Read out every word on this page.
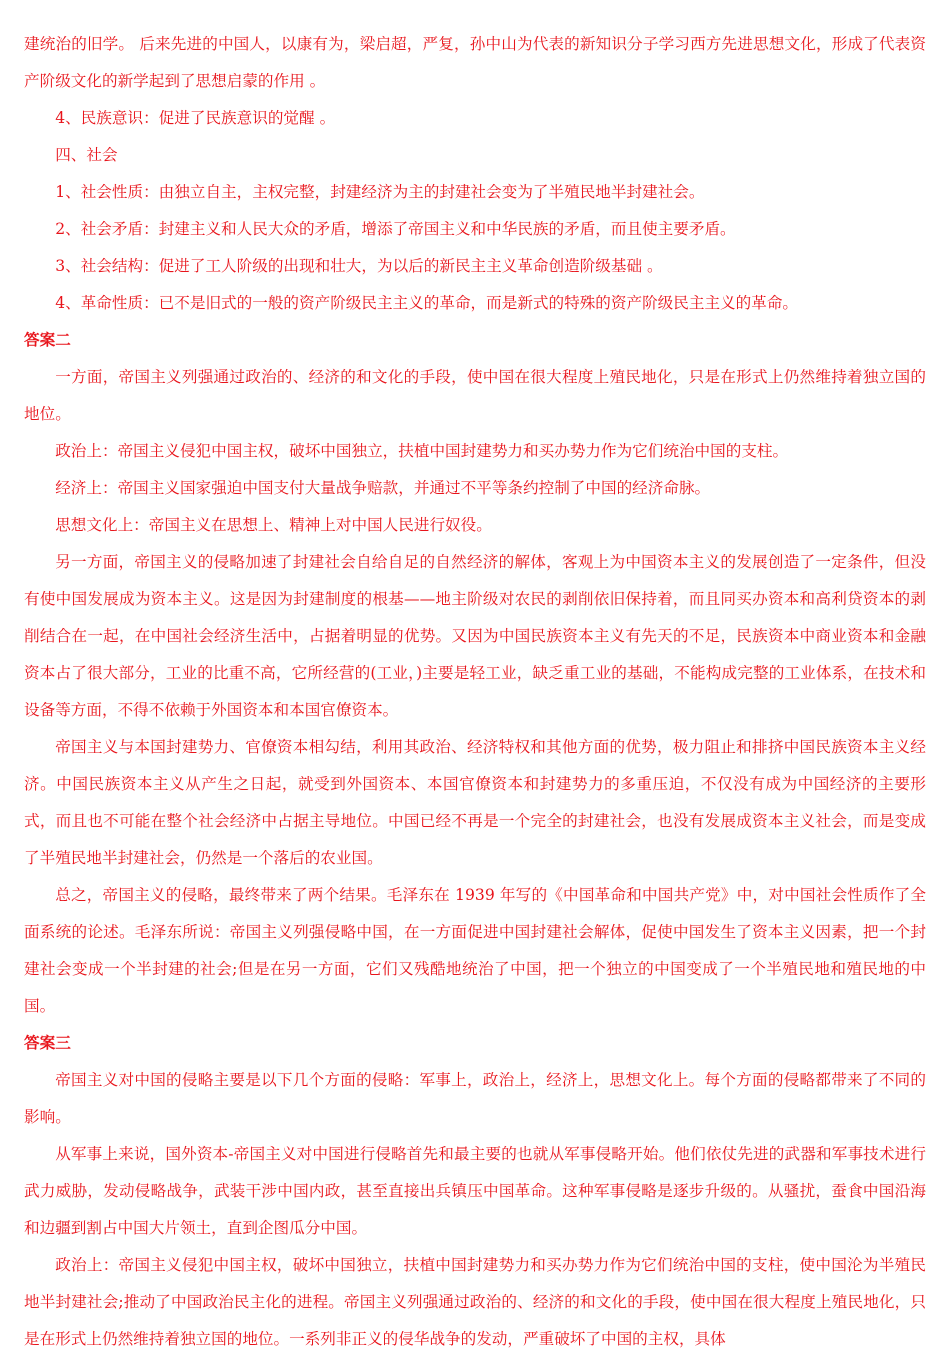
建统治的旧学。 后来先进的中国人，以康有为，梁启超，严复，孙中山为代表的新知识分子学习西方先进思想文化，形成了代表资产阶级文化的新学起到了思想启蒙的作用 。

4、民族意识：促进了民族意识的觉醒 。

四、社会

1、社会性质：由独立自主，主权完整，封建经济为主的封建社会变为了半殖民地半封建社会。

2、社会矛盾：封建主义和人民大众的矛盾，增添了帝国主义和中华民族的矛盾，而且使主要矛盾。

3、社会结构：促进了工人阶级的出现和壮大，为以后的新民主主义革命创造阶级基础 。

4、革命性质：已不是旧式的一般的资产阶级民主主义的革命，而是新式的特殊的资产阶级民主主义的革命。

答案二

一方面，帝国主义列强通过政治的、经济的和文化的手段，使中国在很大程度上殖民地化，只是在形式上仍然维持着独立国的地位。

政治上：帝国主义侵犯中国主权，破坏中国独立，扶植中国封建势力和买办势力作为它们统治中国的支柱。

经济上：帝国主义国家强迫中国支付大量战争赔款，并通过不平等条约控制了中国的经济命脉。

思想文化上：帝国主义在思想上、精神上对中国人民进行奴役。

另一方面，帝国主义的侵略加速了封建社会自给自足的自然经济的解体，客观上为中国资本主义的发展创造了一定条件，但没有使中国发展成为资本主义。这是因为封建制度的根基——地主阶级对农民的剥削依旧保持着，而且同买办资本和高利贷资本的剥削结合在一起，在中国社会经济生活中，占据着明显的优势。又因为中国民族资本主义有先天的不足，民族资本中商业资本和金融资本占了很大部分，工业的比重不高，它所经营的(工业，)主要是轻工业，缺乏重工业的基础，不能构成完整的工业体系，在技术和设备等方面，不得不依赖于外国资本和本国官僚资本。

帝国主义与本国封建势力、官僚资本相勾结，利用其政治、经济特权和其他方面的优势，极力阻止和排挤中国民族资本主义经济。中国民族资本主义从产生之日起，就受到外国资本、本国官僚资本和封建势力的多重压迫，不仅没有成为中国经济的主要形式，而且也不可能在整个社会经济中占据主导地位。中国已经不再是一个完全的封建社会，也没有发展成资本主义社会，而是变成了半殖民地半封建社会，仍然是一个落后的农业国。

总之，帝国主义的侵略，最终带来了两个结果。毛泽东在 1939 年写的《中国革命和中国共产党》中，对中国社会性质作了全面系统的论述。毛泽东所说：帝国主义列强侵略中国，在一方面促进中国封建社会解体，促使中国发生了资本主义因素，把一个封建社会变成一个半封建的社会;但是在另一方面，它们又残酷地统治了中国，把一个独立的中国变成了一个半殖民地和殖民地的中国。

答案三

帝国主义对中国的侵略主要是以下几个方面的侵略：军事上，政治上，经济上，思想文化上。每个方面的侵略都带来了不同的影响。

从军事上来说，国外资本-帝国主义对中国进行侵略首先和最主要的也就从军事侵略开始。他们依仗先进的武器和军事技术进行武力威胁，发动侵略战争，武装干涉中国内政，甚至直接出兵镇压中国革命。这种军事侵略是逐步升级的。从骚扰，蚕食中国沿海和边疆到割占中国大片领土，直到企图瓜分中国。

政治上：帝国主义侵犯中国主权，破坏中国独立，扶植中国封建势力和买办势力作为它们统治中国的支柱，使中国沦为半殖民地半封建社会;推动了中国政治民主化的进程。帝国主义列强通过政治的、经济的和文化的手段，使中国在很大程度上殖民地化，只是在形式上仍然维持着独立国的地位。一系列非正义的侵华战争的发动，严重破坏了中国的主权，具体
